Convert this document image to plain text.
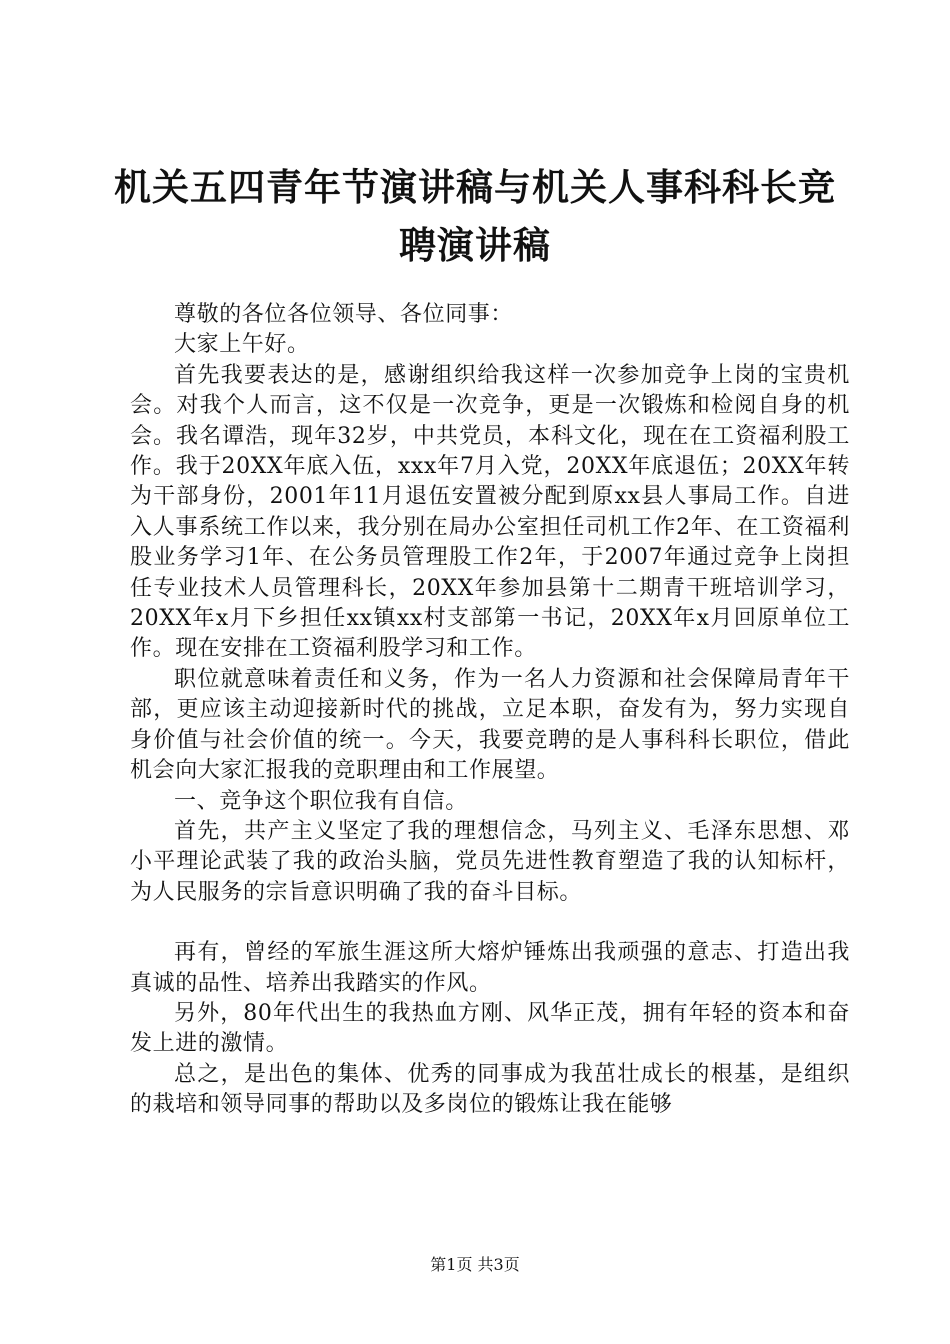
机关五四青年节演讲稿与机关人事科科长竞聘演讲稿

尊敬的各位各位领导、各位同事：

大家上午好。

首先我要表达的是，感谢组织给我这样一次参加竞争上岗的宝贵机会。对我个人而言，这不仅是一次竞争，更是一次锻炼和检阅自身的机会。我名谭浩，现年32岁，中共党员，本科文化，现在在工资福利股工作。我于20XX年底入伍，xxx年7月入党，20XX年底退伍；20XX年转为干部身份，2001年11月退伍安置被分配到原xx县人事局工作。自进入人事系统工作以来，我分别在局办公室担任司机工作2年、在工资福利股业务学习1年、在公务员管理股工作2年，于2007年通过竞争上岗担任专业技术人员管理科长，20XX年参加县第十二期青干班培训学习，20XX年x月下乡担任xx镇xx村支部第一书记，20XX年x月回原单位工作。现在安排在工资福利股学习和工作。

职位就意味着责任和义务，作为一名人力资源和社会保障局青年干部，更应该主动迎接新时代的挑战，立足本职，奋发有为，努力实现自身价值与社会价值的统一。今天，我要竞聘的是人事科科长职位，借此机会向大家汇报我的竞职理由和工作展望。

一、竞争这个职位我有自信。

首先，共产主义坚定了我的理想信念，马列主义、毛泽东思想、邓小平理论武装了我的政治头脑，党员先进性教育塑造了我的认知标杆，为人民服务的宗旨意识明确了我的奋斗目标。

再有，曾经的军旅生涯这所大熔炉锤炼出我顽强的意志、打造出我真诚的品性、培养出我踏实的作风。

另外，80年代出生的我热血方刚、风华正茂，拥有年轻的资本和奋发上进的激情。

总之，是出色的集体、优秀的同事成为我茁壮成长的根基，是组织的栽培和领导同事的帮助以及多岗位的锻炼让我在能够

第1页 共3页
